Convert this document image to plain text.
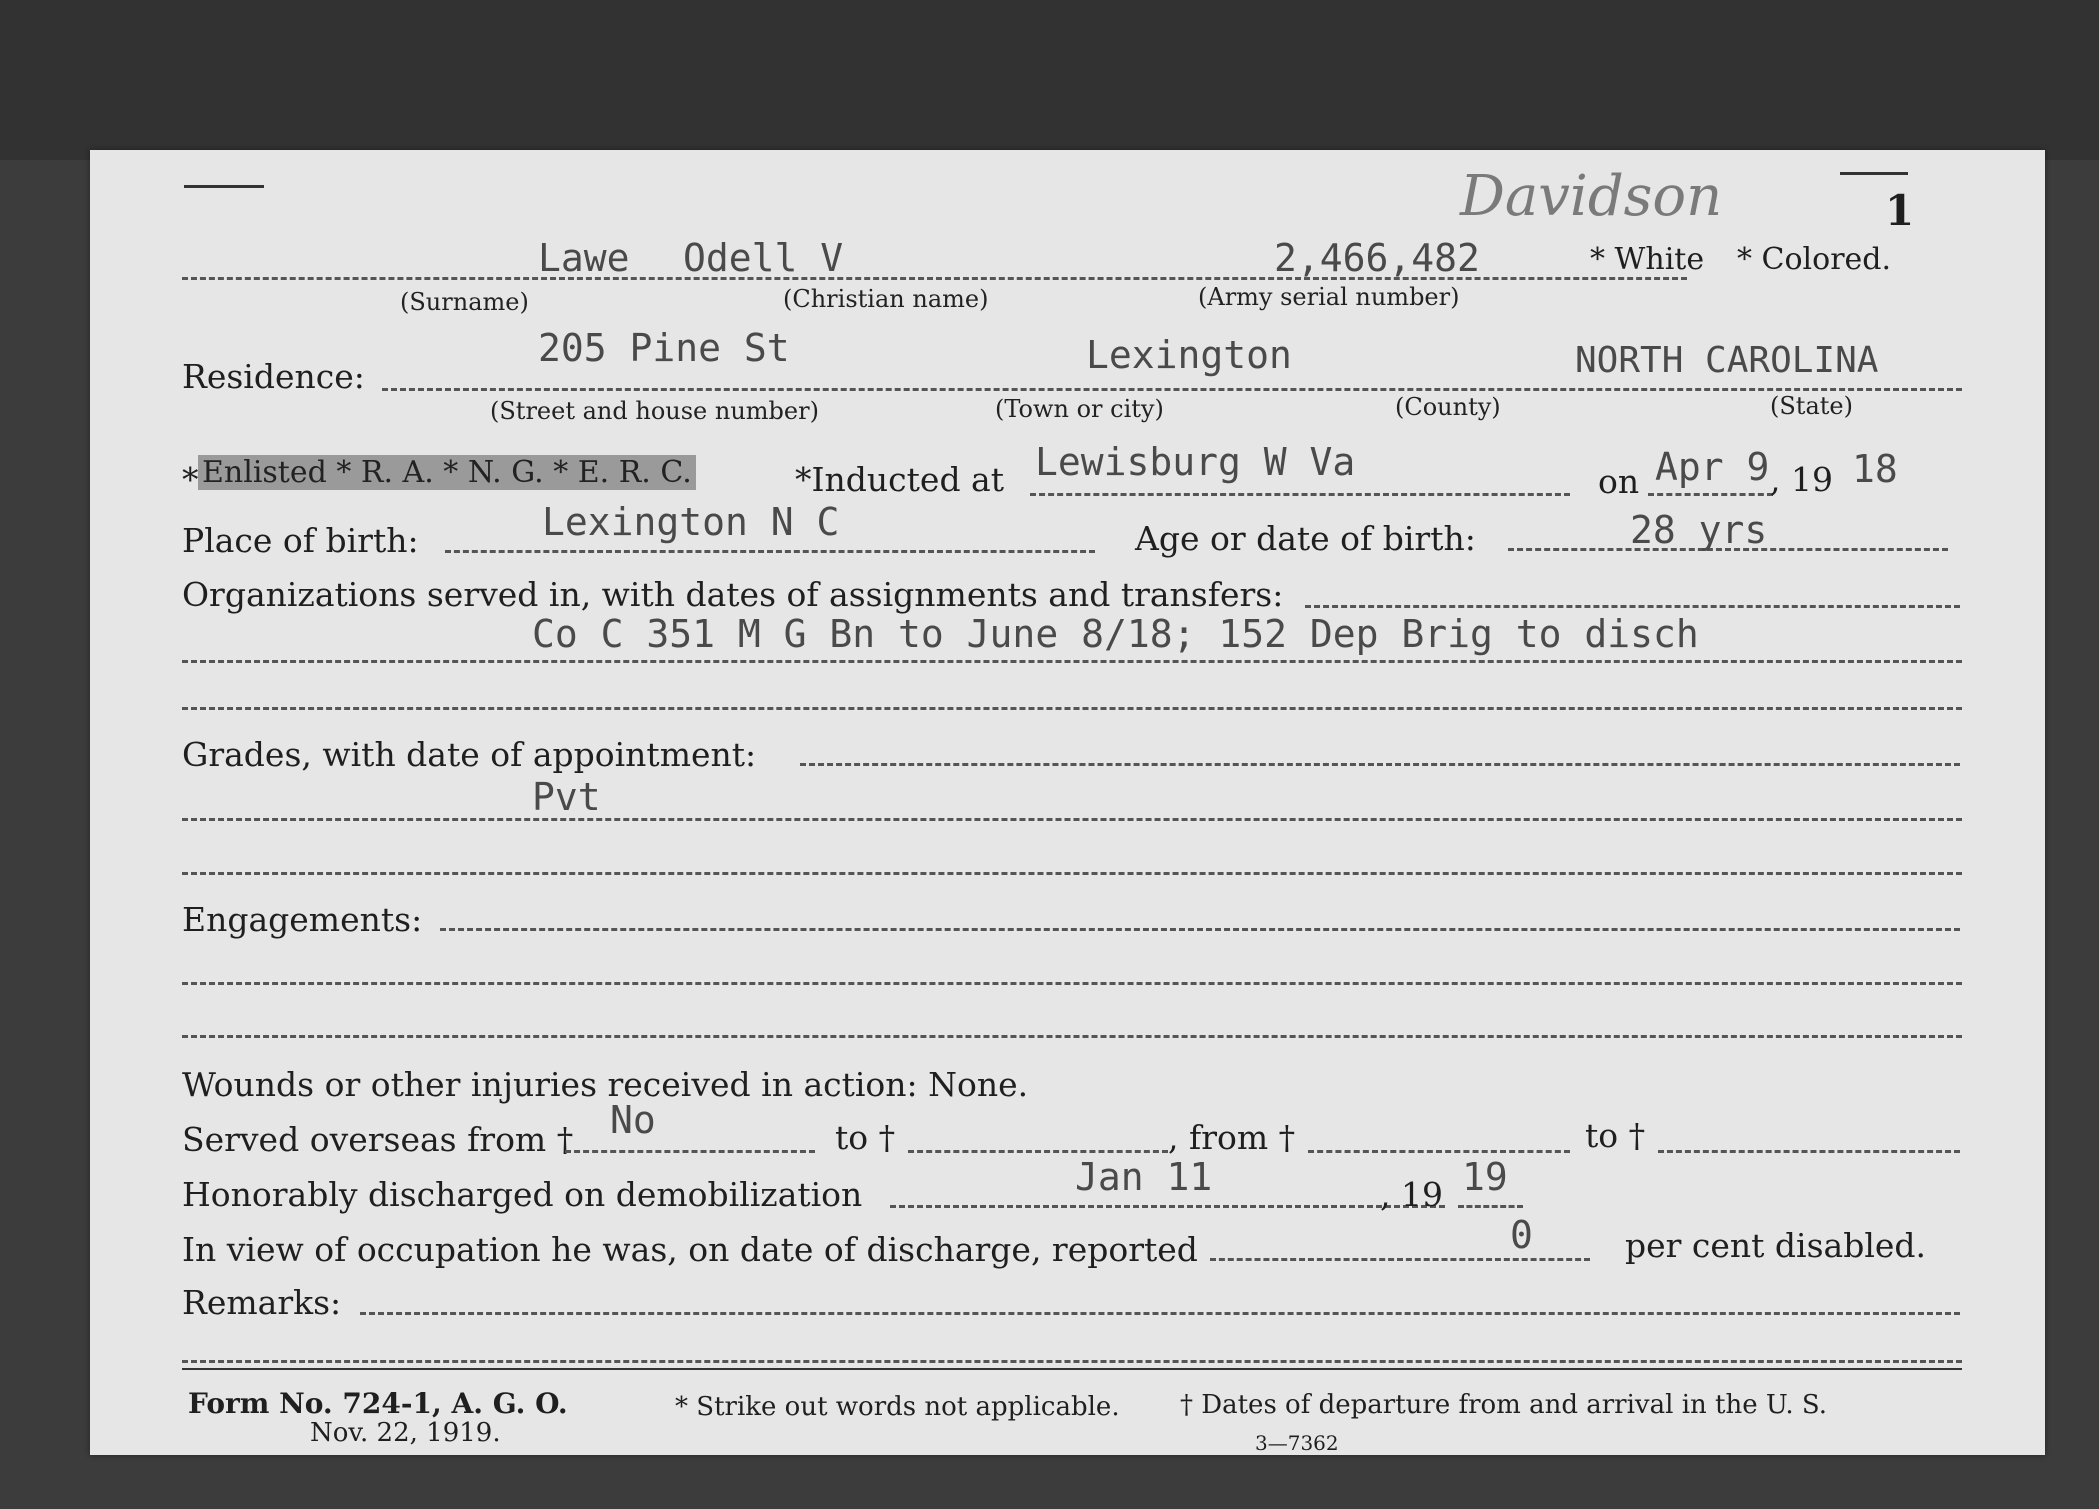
1
Davidson
Lawe Odell V	2,466,482	* White * Colored.
(Surname)	(Christian name)	(Army serial number)
Residence:
205 Pine St	Lexington	NORTH CAROLINA
(Street and house number)	(Town or city)	(County)	(State)
* Enlisted * R. A. * N. G. * E. R. C.	*Inducted at Lewisburg W Va	on Apr 9 , 19 18
Place of birth:	Lexington N C	Age or date of birth:	28 yrs
Organizations served in, with dates of assignments and transfers:
Co C 351 M G Bn to June 8/18; 152 Dep Brig to disch
Grades, with date of appointment:
Pvt
Engagements:
Wounds or other injuries received in action: None.
Served overseas from † No	to †	, from †	to †
Honorably discharged on demobilization	Jan 11	, 19 19
In view of occupation he was, on date of discharge, reported	0	per cent disabled.
Remarks:
Form No. 724-1, A. G. O.
Nov. 22, 1919.
* Strike out words not applicable. † Dates of departure from and arrival in the U. S.
3—7362
